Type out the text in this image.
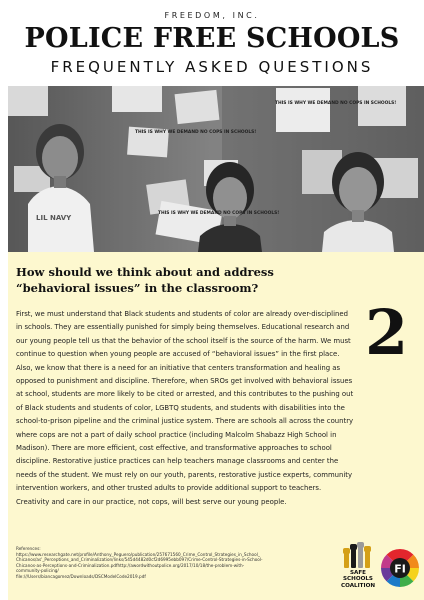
FREEDOM, INC.
POLICE FREE SCHOOLS
FREQUENTLY ASKED QUESTIONS
THIS IS WHY WE DEMAND NO COPS IN SCHOOLS!
THIS IS WHY WE DEMAND NO COPS IN SCHOOLS!
THIS IS WHY WE DEMAND NO COPS IN SCHOOLS!
LIL NAVY
How should we think about and address “behavioral issues” in the classroom?
2

First, we must understand that Black students and students of color are already over-disciplined in schools. They are essentially punished for simply being themselves. Educational research and our young people tell us that the behavior of the school itself is the source of the harm. We must continue to question when young people are accused of “behavioral issues” in the first place. Also, we know that there is a need for an initiative that centers transformation and healing as opposed to punishment and discipline. Therefore, when SROs get involved with behavioral issues at school, students are more likely to be cited or arrested, and this contributes to the pushing out of Black students and students of color, LGBTQ students, and students with disabilities into the school-to-prison pipeline and the criminal justice system. There are schools all across the country where cops are not a part of daily school practice (including Malcolm Shabazz High School in Madison). There are more efficient, cost effective, and transformative approaches to school discipline. Restorative justice practices can help teachers manage classrooms and center the needs of the student. We must rely on our youth, parents, restorative justice experts, community intervention workers, and other trusted adults to provide additional support to teachers. Creativity and care in our practice, not cops, will best serve our young people.

References:
https://www.researchgate.net/profile/Anthony_Peguero/publication/257671560_Crime_Control_Strategies_in_School_
Chicanos/as'_Perceptions_and_Criminalization/links/545d4482d0cf2d6995ebb097/Crime-Control-Strategies-in-School-
Chicanos-as-Perceptions-and-Criminalization.pdfhttp://awordwithoutpolice.org/2017/10/18/the-problem-with-
community-policing/
file:///Users/biancagomez/Downloads/DSCModelCode2019.pdf	SAFE
SCHOOLS
COALITION
FI
